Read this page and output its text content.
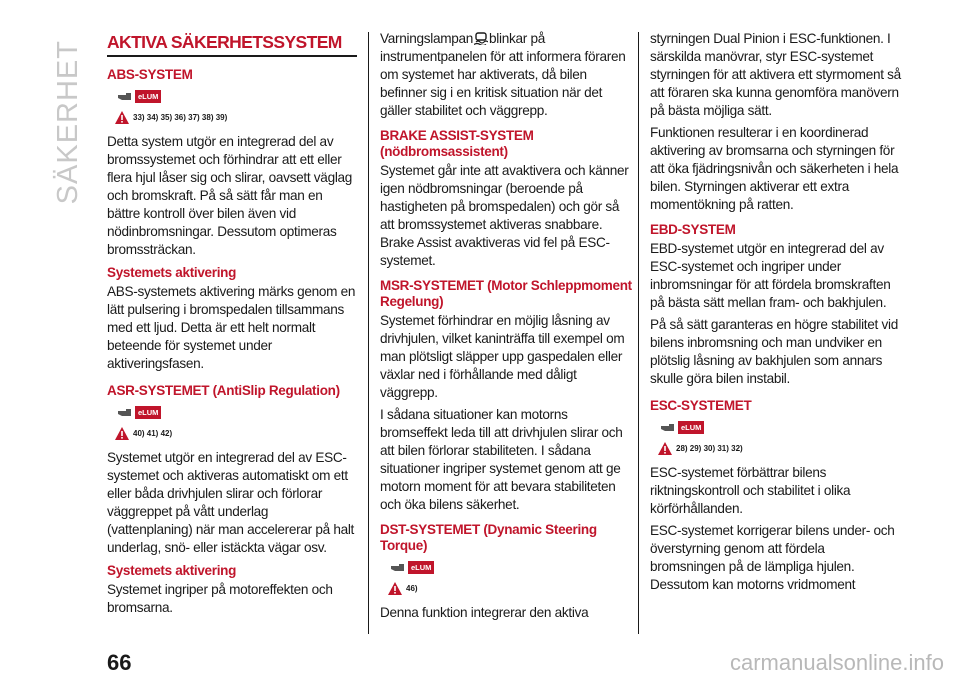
SÄKERHET AKTIVA SÄKERHETSSYSTEM
ABS-SYSTEM
eLUM
33) 34) 35) 36) 37) 38) 39)

Detta system utgör en integrerad del av bromssystemet och förhindrar att ett eller flera hjul låser sig och slirar, oavsett väglag och bromskraft. På så sätt får man en bättre kontroll över bilen även vid nödinbromsningar. Dessutom optimeras bromssträckan.

Systemets aktivering

ABS-systemets aktivering märks genom en lätt pulsering i bromspedalen tillsammans med ett ljud. Detta är ett helt normalt beteende för systemet under aktiveringsfasen.

ASR-SYSTEMET (AntiSlip Regulation)
eLUM
40) 41) 42)

Systemet utgör en integrerad del av ESC-systemet och aktiveras automatiskt om ett eller båda drivhjulen slirar och förlorar väggreppet på vått underlag (vattenplaning) när man accelererar på halt underlag, snö- eller istäckta vägar osv.

Systemets aktivering

Systemet ingriper på motoreffekten och bromsarna.

Varningslampan blinkar på instrumentpanelen för att informera föraren om systemet har aktiverats, då bilen befinner sig i en kritisk situation när det gäller stabilitet och väggrepp.

BRAKE ASSIST-SYSTEM (nödbromsassistent)

Systemet går inte att avaktivera och känner igen nödbromsningar (beroende på hastigheten på bromspedalen) och gör så att bromssystemet aktiveras snabbare. Brake Assist avaktiveras vid fel på ESC-systemet.

MSR-SYSTEMET (Motor Schleppmoment Regelung)

Systemet förhindrar en möjlig låsning av drivhjulen, vilket kaninträffa till exempel om man plötsligt släpper upp gaspedalen eller växlar ned i förhållande med dåligt väggrepp.

I sådana situationer kan motorns bromseffekt leda till att drivhjulen slirar och att bilen förlorar stabiliteten. I sådana situationer ingriper systemet genom att ge motorn moment för att bevara stabiliteten och öka bilens säkerhet.

DST-SYSTEMET (Dynamic Steering Torque)
eLUM
46)

Denna funktion integrerar den aktiva

styrningen Dual Pinion i ESC-funktionen. I särskilda manövrar, styr ESC-systemet styrningen för att aktivera ett styrmoment så att föraren ska kunna genomföra manövern på bästa möjliga sätt.

Funktionen resulterar i en koordinerad aktivering av bromsarna och styrningen för att öka fjädringsnivån och säkerheten i hela bilen. Styrningen aktiverar ett extra momentökning på ratten.

EBD-SYSTEM

EBD-systemet utgör en integrerad del av ESC-systemet och ingriper under inbromsningar för att fördela bromskraften på bästa sätt mellan fram- och bakhjulen.

På så sätt garanteras en högre stabilitet vid bilens inbromsning och man undviker en plötslig låsning av bakhjulen som annars skulle göra bilen instabil.

ESC-SYSTEMET
eLUM
28) 29) 30) 31) 32)

ESC-systemet förbättrar bilens riktningskontroll och stabilitet i olika körförhållanden.

ESC-systemet korrigerar bilens under- och överstyrning genom att fördela bromsningen på de lämpliga hjulen. Dessutom kan motorns vridmoment

66	carmanualsonline.info
